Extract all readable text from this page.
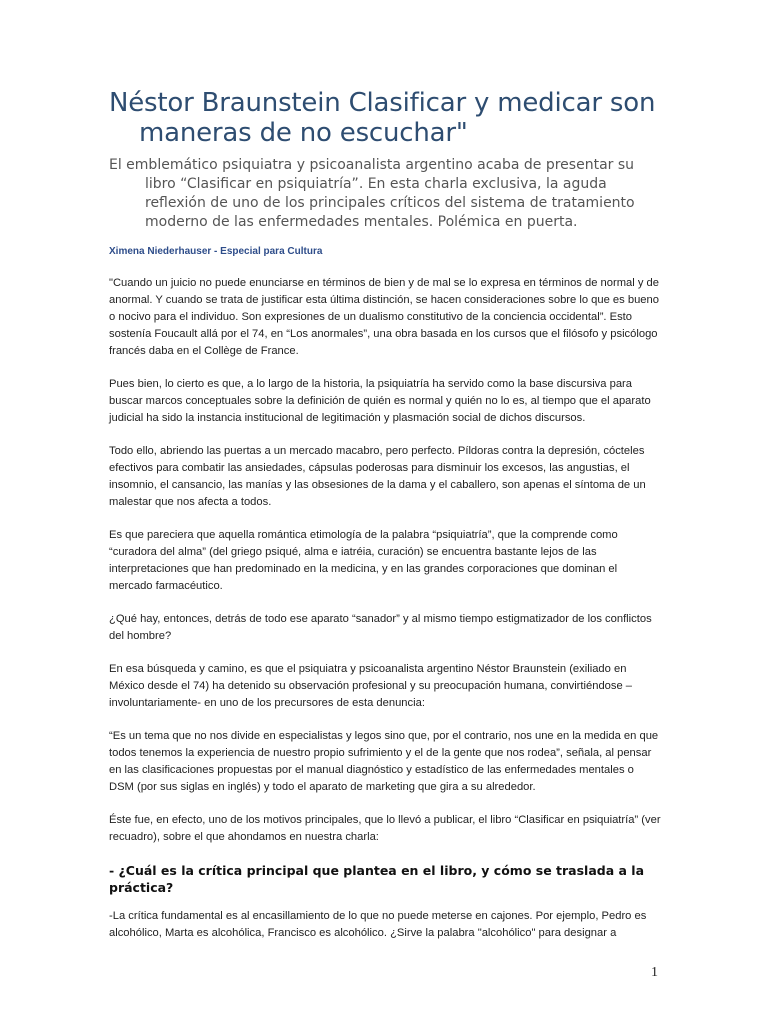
Néstor Braunstein Clasificar y medicar son maneras de no escuchar"

El emblemático psiquiatra y psicoanalista argentino acaba de presentar su libro “Clasificar en psiquiatría”. En esta charla exclusiva, la aguda reflexión de uno de los principales críticos del sistema de tratamiento moderno de las enfermedades mentales. Polémica en puerta.

Ximena Niederhauser - Especial para Cultura

"Cuando un juicio no puede enunciarse en términos de bien y de mal se lo expresa en términos de normal y de anormal. Y cuando se trata de justificar esta última distinción, se hacen consideraciones sobre lo que es bueno o nocivo para el individuo. Son expresiones de un dualismo constitutivo de la conciencia occidental”. Esto sostenía Foucault allá por el 74, en “Los anormales”, una obra basada en los cursos que el filósofo y psicólogo francés daba en el Collège de France.

Pues bien, lo cierto es que, a lo largo de la historia, la psiquiatría ha servido como la base discursiva para buscar marcos conceptuales sobre la definición de quién es normal y quién no lo es, al tiempo que el aparato judicial ha sido la instancia institucional de legitimación y plasmación social de dichos discursos.

Todo ello, abriendo las puertas a un mercado macabro, pero perfecto. Píldoras contra la depresión, cócteles efectivos para combatir las ansiedades, cápsulas poderosas para disminuir los excesos, las angustias, el insomnio, el cansancio, las manías y las obsesiones de la dama y el caballero, son apenas el síntoma de un malestar que nos afecta a todos.

Es que pareciera que aquella romántica etimología de la palabra “psiquiatría”, que la comprende como “curadora del alma” (del griego psiqué, alma e iatréia, curación) se encuentra bastante lejos de las interpretaciones que han predominado en la medicina, y en las grandes corporaciones que dominan el mercado farmacéutico.

¿Qué hay, entonces, detrás de todo ese aparato “sanador” y al mismo tiempo estigmatizador de los conflictos del hombre?

En esa búsqueda y camino, es que el psiquiatra y psicoanalista argentino Néstor Braunstein (exiliado en México desde el 74) ha detenido su observación profesional y su preocupación humana, convirtiéndose –involuntariamente- en uno de los precursores de esta denuncia:

“Es un tema que no nos divide en especialistas y legos sino que, por el contrario, nos une en la medida en que todos tenemos la experiencia de nuestro propio sufrimiento y el de la gente que nos rodea”, señala, al pensar en las clasificaciones propuestas por el manual diagnóstico y estadístico de las enfermedades mentales o DSM (por sus siglas en inglés) y todo el aparato de marketing que gira a su alrededor.

Éste fue, en efecto, uno de los motivos principales, que lo llevó a publicar, el libro “Clasificar en psiquiatría” (ver recuadro), sobre el que ahondamos en nuestra charla:

- ¿Cuál es la crítica principal que plantea en el libro, y cómo se traslada a la práctica?

-La crítica fundamental es al encasillamiento de lo que no puede meterse en cajones. Por ejemplo, Pedro es alcohólico, Marta es alcohólica, Francisco es alcohólico. ¿Sirve la palabra "alcohólico" para designar a

1
